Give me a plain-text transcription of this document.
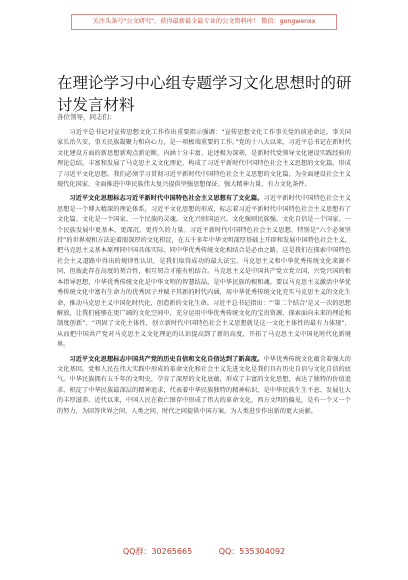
关注头条号"公文研究"，获得最新最全最专业的公文资料库！ 微信：gongwenxx
在理论学习中心组专题学习文化思想时的研讨发言材料
各位领导，同志们：

习近平总书记对宣传思想文化工作作出重要指示强调：“宣传思想文化工作事关党的前途命运，事关国家长治久安，事关民族凝聚力和向心力，是一项极端重要的工作。”党的十八大以来，习近平总书记在新时代文化建设方面的新思想新观点新论断，内涵十分丰富、论述极为深刻，是新时代党领导文化建设实践经验的理论总结，丰富和发展了马克思主义文化理论，构成了习近平新时代中国特色社会主义思想的文化篇，形成了习近平文化思想。我们必须学习贯彻习近平新时代中国特色社会主义思想的文化篇，为全面建设社会主义现代化国家、全面推进中华民族伟大复兴提供坚强思想保证、强大精神力量、有力文化条件。

习近平文化思想标志习近平新时代中国特色社会主义思想有了文化篇。习近平新时代中国特色社会主义思想是一个博大精深的理论体系，习近平文化思想的形成，标志着习近平新时代中国特色社会主义思想有了文化篇。文化是一个国家、一个民族的灵魂。文化兴则国运兴，文化强则民族强。文化自信是一个国家、一个民族发展中更基本、更深沉、更持久的力量。习近平新时代中国特色社会主义思想，特别是“六个必须坚持”的世界观和方法论着眼深厚的文化积淀，在五千多年中华文明深厚基础上开辟和发展中国特色社会主义，把马克思主义基本原理同中国具体实际、同中华优秀传统文化相结合是必由之路，这是我们在探索中国特色社会主义道路中得出的规律性认识，是我们取得成功的最大法宝。马克思主义和中华优秀传统文化来源不同，但彼此存在高度的契合性，相互契合才能有机结合。马克思主义是中国共产党立党立国、兴党兴国的根本指导思想，中华优秀传统文化是中华文明的智慧结晶，是中华民族的根和魂。要以马克思主义激活中华优秀传统文化中富有生命力的优秀因子并赋予其新的时代内涵，用中华优秀传统文化充实马克思主义的文化生命，推动马克思主义中国化时代化，创造新的文化生命。习近平总书记指出：“‘第二个结合’是又一次的思想解放，让我们能够在更广阔的文化空间中，充分运用中华优秀传统文化的宝贵资源，探索面向未来的理论和制度创新”，“巩固了文化主体性，创立新时代中国特色社会主义思想就是这一文化主体性的最有力体现”，从而把中国共产党对马克思主义文化理论的认识提高到了新的高度，开拓了马克思主义中国化时代化新境界。

习近平文化思想标志中国共产党的历史自信和文化自信达到了新高度。中华优秀传统文化蕴含着强大的文化基因，党和人民在伟大实践中形成的革命文化和社会主义先进文化是我们具有历史自信与文化自信的底气。中华民族拥有五千年的文明史，孕育了深厚的文化底蕴，形成了丰富的文化思想，表达了独特的价值追求，积淀了中华民族最深层的精神追求，代表着中华民族独特的精神标识，是中华民族生生不息、发展壮大的丰厚滋养。近代以来，中国人民在救亡图存中形成了伟大的革命文化，西方文明的偏见，是有一个又一个的努力，为回答世界之问、人类之问、时代之问提供中国方案，为人类进步作出新的更大贡献。

QQ群：30265665	QQ：535304092
